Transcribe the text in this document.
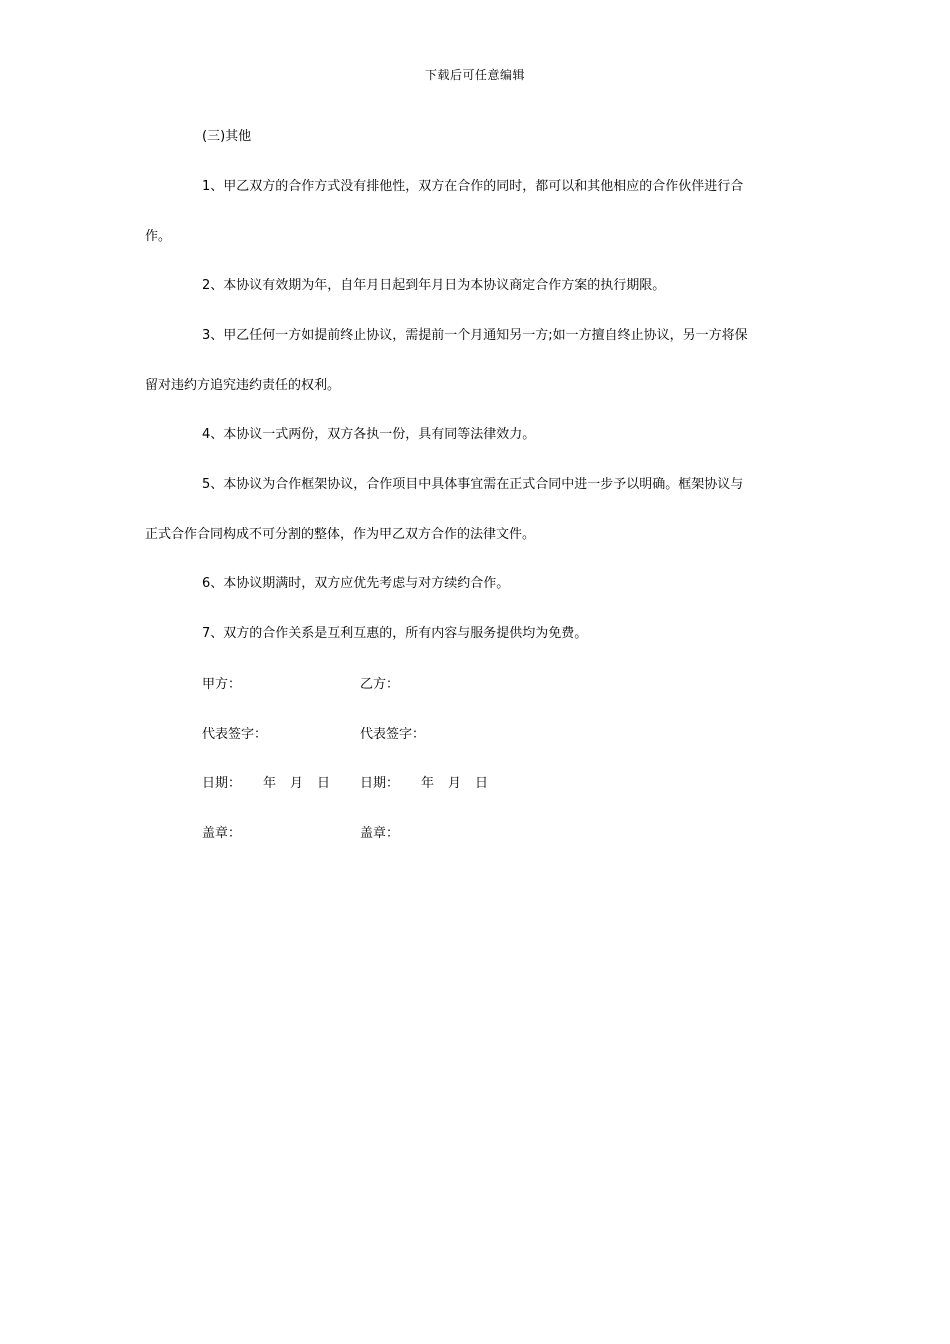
下载后可任意编辑
(三)其他
1、甲乙双方的合作方式没有排他性，双方在合作的同时，都可以和其他相应的合作伙伴进行合
作。
2、本协议有效期为年，自年月日起到年月日为本协议商定合作方案的执行期限。
3、甲乙任何一方如提前终止协议，需提前一个月通知另一方;如一方擅自终止协议，另一方将保
留对违约方追究违约责任的权利。
4、本协议一式两份，双方各执一份，具有同等法律效力。
5、本协议为合作框架协议，合作项目中具体事宜需在正式合同中进一步予以明确。框架协议与
正式合作合同构成不可分割的整体，作为甲乙双方合作的法律文件。
6、本协议期满时，双方应优先考虑与对方续约合作。
7、双方的合作关系是互利互惠的，所有内容与服务提供均为免费。
甲方：	乙方：
代表签字：	代表签字：
日期： 年 月 日 日期： 年 月 日
盖章：	盖章：
